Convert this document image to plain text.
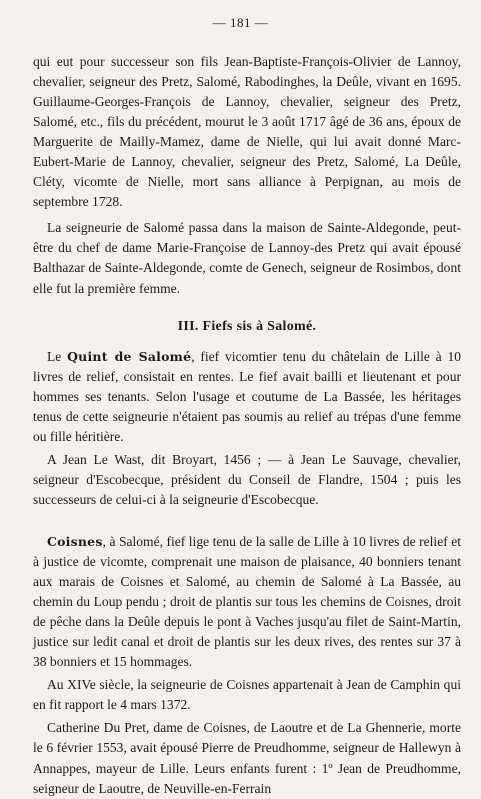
— 181 —

qui eut pour successeur son fils Jean-Baptiste-François-Olivier de Lannoy, chevalier, seigneur des Pretz, Salomé, Rabodinghes, la Deûle, vivant en 1695. Guillaume-Georges-François de Lannoy, chevalier, seigneur des Pretz, Salomé, etc., fils du précédent, mourut le 3 août 1717 âgé de 36 ans, époux de Marguerite de Mailly-Mamez, dame de Nielle, qui lui avait donné Marc-Eubert-Marie de Lannoy, chevalier, seigneur des Pretz, Salomé, La Deûle, Cléty, vicomte de Nielle, mort sans alliance à Perpignan, au mois de septembre 1728.

La seigneurie de Salomé passa dans la maison de Sainte-Aldegonde, peut-être du chef de dame Marie-Françoise de Lannoy-des Pretz qui avait épousé Balthazar de Sainte-Aldegonde, comte de Genech, seigneur de Rosimbos, dont elle fut la première femme.

III. Fiefs sis à Salomé.

Le Quint de Salomé, fief vicomtier tenu du châtelain de Lille à 10 livres de relief, consistait en rentes. Le fief avait bailli et lieutenant et pour hommes ses tenants. Selon l'usage et coutume de La Bassée, les héritages tenus de cette seigneurie n'étaient pas soumis au relief au trépas d'une femme ou fille héritière.

A Jean Le Wast, dit Broyart, 1456 ; — à Jean Le Sauvage, chevalier, seigneur d'Escobecque, président du Conseil de Flandre, 1504 ; puis les successeurs de celui-ci à la seigneurie d'Escobecque.

Coisnes, à Salomé, fief lige tenu de la salle de Lille à 10 livres de relief et à justice de vicomte, comprenait une maison de plaisance, 40 bonniers tenant aux marais de Coisnes et Salomé, au chemin de Salomé à La Bassée, au chemin du Loup pendu ; droit de plantis sur tous les chemins de Coisnes, droit de pêche dans la Deûle depuis le pont à Vaches jusqu'au filet de Saint-Martin, justice sur ledit canal et droit de plantis sur les deux rives, des rentes sur 37 à 38 bonniers et 15 hommages.

Au XIVe siècle, la seigneurie de Coisnes appartenait à Jean de Camphin qui en fit rapport le 4 mars 1372.

Catherine Du Pret, dame de Coisnes, de Laoutre et de La Ghennerie, morte le 6 février 1553, avait épousé Pierre de Preudhomme, seigneur de Hallewyn à Annappes, mayeur de Lille. Leurs enfants furent : 1º Jean de Preudhomme, seigneur de Laoutre, de Neuville-en-Ferrain
